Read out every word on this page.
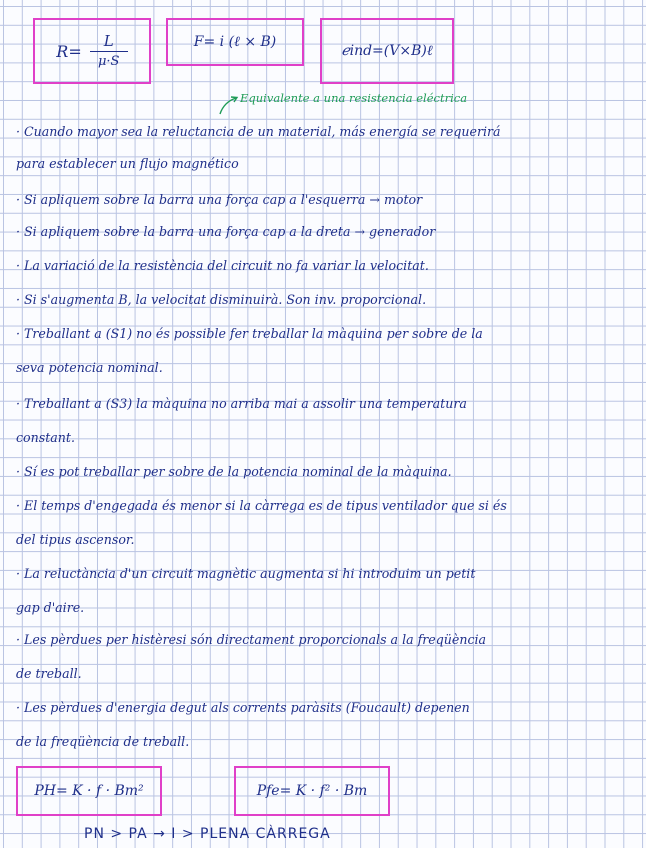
$R= \frac{L}{\mu\cdot S}$	F= i (ℓ × B)
ℯind=(V×B)ℓ
Equivalente a una resistencia eléctrica
· Cuando mayor sea la reluctancia de un material, más energía se requerirá
para establecer un flujo magnético
· Si apliquem sobre la barra una força cap a l'esquerra → motor
· Si apliquem sobre la barra una força cap a la dreta → generador
· La variació de la resistència del circuit no fa variar la velocitat.
· Si s'augmenta B, la velocitat disminuirà. Son inv. proporcional.
· Treballant a (S1) no és possible fer treballar la màquina per sobre de la
seva potencia nominal.
· Treballant a (S3) la màquina no arriba mai a assolir una temperatura
constant.
· Sí es pot treballar per sobre de la potencia nominal de la màquina.
· El temps d'engegada és menor si la càrrega es de tipus ventilador que si és
del tipus ascensor.
· La reluctància d'un circuit magnètic augmenta si hi introduim un petit
gap d'aire.
· Les pèrdues per histèresi són directament proporcionals a la freqüència
de treball.
· Les pèrdues d'energia degut als corrents paràsits (Foucault) depenen
de la freqüència de treball.
PH= K · f · Bm²	Pfe= K · f² · Bm
PN > PA → I > PLENA CÀRREGA
